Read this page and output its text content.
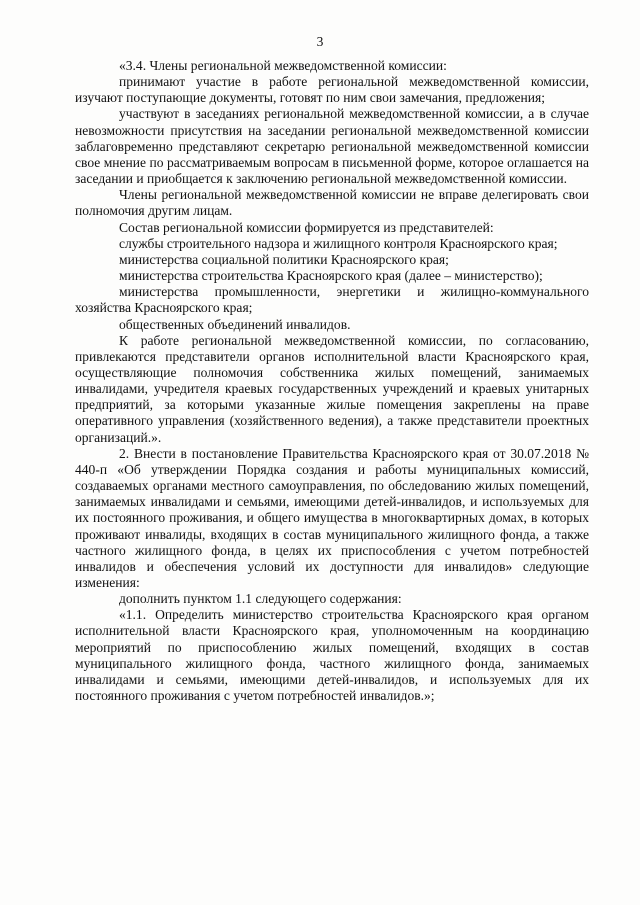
3

«3.4. Члены региональной межведомственной комиссии:

принимают участие в работе региональной межведомственной комиссии, изучают поступающие документы, готовят по ним свои замечания, предложения;

участвуют в заседаниях региональной межведомственной комиссии, а в случае невозможности присутствия на заседании региональной межведомственной комиссии заблаговременно представляют секретарю региональной межведомственной комиссии свое мнение по рассматриваемым вопросам в письменной форме, которое оглашается на заседании и приобщается к заключению региональной межведомственной комиссии.

Члены региональной межведомственной комиссии не вправе делегировать свои полномочия другим лицам.

Состав региональной комиссии формируется из представителей:

службы строительного надзора и жилищного контроля Красноярского края;

министерства социальной политики Красноярского края;

министерства строительства Красноярского края (далее – министерство);

министерства промышленности, энергетики и жилищно-коммунального хозяйства Красноярского края;

общественных объединений инвалидов.

К работе региональной межведомственной комиссии, по согласованию, привлекаются представители органов исполнительной власти Красноярского края, осуществляющие полномочия собственника жилых помещений, занимаемых инвалидами, учредителя краевых государственных учреждений и краевых унитарных предприятий, за которыми указанные жилые помещения закреплены на праве оперативного управления (хозяйственного ведения), а также представители проектных организаций.».

2. Внести в постановление Правительства Красноярского края от 30.07.2018 № 440-п «Об утверждении Порядка создания и работы муниципальных комиссий, создаваемых органами местного самоуправления, по обследованию жилых помещений, занимаемых инвалидами и семьями, имеющими детей-инвалидов, и используемых для их постоянного проживания, и общего имущества в многоквартирных домах, в которых проживают инвалиды, входящих в состав муниципального жилищного фонда, а также частного жилищного фонда, в целях их приспособления с учетом потребностей инвалидов и обеспечения условий их доступности для инвалидов» следующие изменения:

дополнить пунктом 1.1 следующего содержания:

«1.1. Определить министерство строительства Красноярского края органом исполнительной власти Красноярского края, уполномоченным на координацию мероприятий по приспособлению жилых помещений, входящих в состав муниципального жилищного фонда, частного жилищного фонда, занимаемых инвалидами и семьями, имеющими детей-инвалидов, и используемых для их постоянного проживания с учетом потребностей инвалидов.»;
